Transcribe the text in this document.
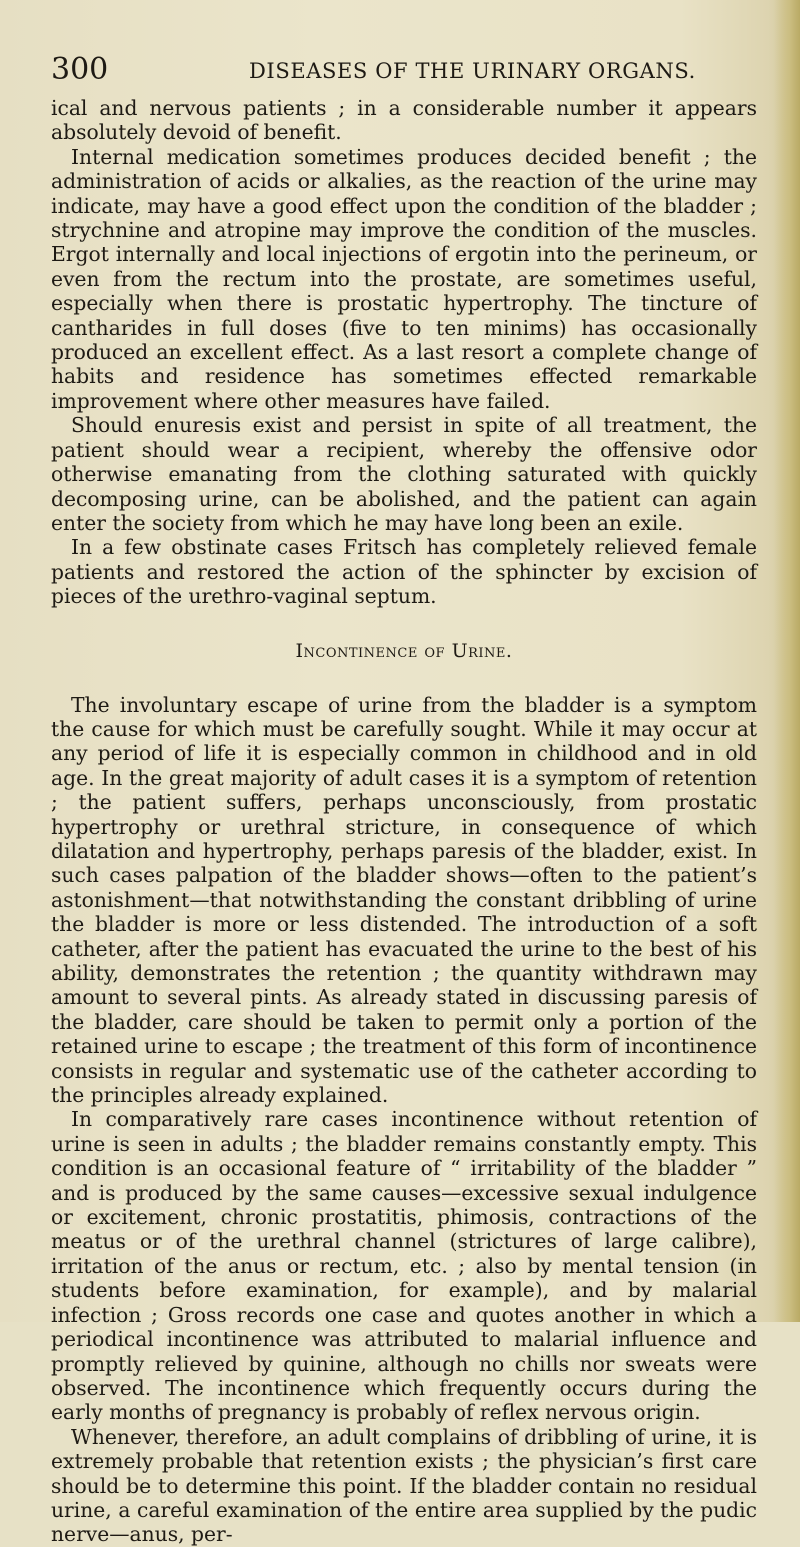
300	DISEASES OF THE URINARY ORGANS.

ical and nervous patients ; in a considerable number it appears absolutely devoid of benefit.

Internal medication sometimes produces decided benefit ; the administration of acids or alkalies, as the reaction of the urine may indicate, may have a good effect upon the condition of the bladder ; strychnine and atropine may improve the condition of the muscles. Ergot internally and local injections of ergotin into the perineum, or even from the rectum into the prostate, are sometimes useful, especially when there is prostatic hypertrophy. The tincture of cantharides in full doses (five to ten minims) has occasionally produced an excellent effect. As a last resort a complete change of habits and residence has sometimes effected remarkable improvement where other measures have failed.

Should enuresis exist and persist in spite of all treatment, the patient should wear a recipient, whereby the offensive odor otherwise emanating from the clothing saturated with quickly decomposing urine, can be abolished, and the patient can again enter the society from which he may have long been an exile.

In a few obstinate cases Fritsch has completely relieved female patients and restored the action of the sphincter by excision of pieces of the urethro-vaginal septum.

Incontinence of Urine.

The involuntary escape of urine from the bladder is a symptom the cause for which must be carefully sought. While it may occur at any period of life it is especially common in childhood and in old age. In the great majority of adult cases it is a symptom of retention ; the patient suffers, perhaps unconsciously, from prostatic hypertrophy or urethral stricture, in consequence of which dilatation and hypertrophy, perhaps paresis of the bladder, exist. In such cases palpation of the bladder shows—often to the patient’s astonishment—that notwithstanding the constant dribbling of urine the bladder is more or less distended. The introduction of a soft catheter, after the patient has evacuated the urine to the best of his ability, demonstrates the retention ; the quantity withdrawn may amount to several pints. As already stated in discussing paresis of the bladder, care should be taken to permit only a portion of the retained urine to escape ; the treatment of this form of incontinence consists in regular and systematic use of the catheter according to the principles already explained.

In comparatively rare cases incontinence without retention of urine is seen in adults ; the bladder remains constantly empty. This condition is an occasional feature of “ irritability of the bladder ” and is produced by the same causes—excessive sexual indulgence or excitement, chronic prostatitis, phimosis, contractions of the meatus or of the urethral channel (strictures of large calibre), irritation of the anus or rectum, etc. ; also by mental tension (in students before examination, for example), and by malarial infection ; Gross records one case and quotes another in which a periodical incontinence was attributed to malarial influence and promptly relieved by quinine, although no chills nor sweats were observed. The incontinence which frequently occurs during the early months of pregnancy is probably of reflex nervous origin.

Whenever, therefore, an adult complains of dribbling of urine, it is extremely probable that retention exists ; the physician’s first care should be to determine this point. If the bladder contain no residual urine, a careful examination of the entire area supplied by the pudic nerve—anus, per-
